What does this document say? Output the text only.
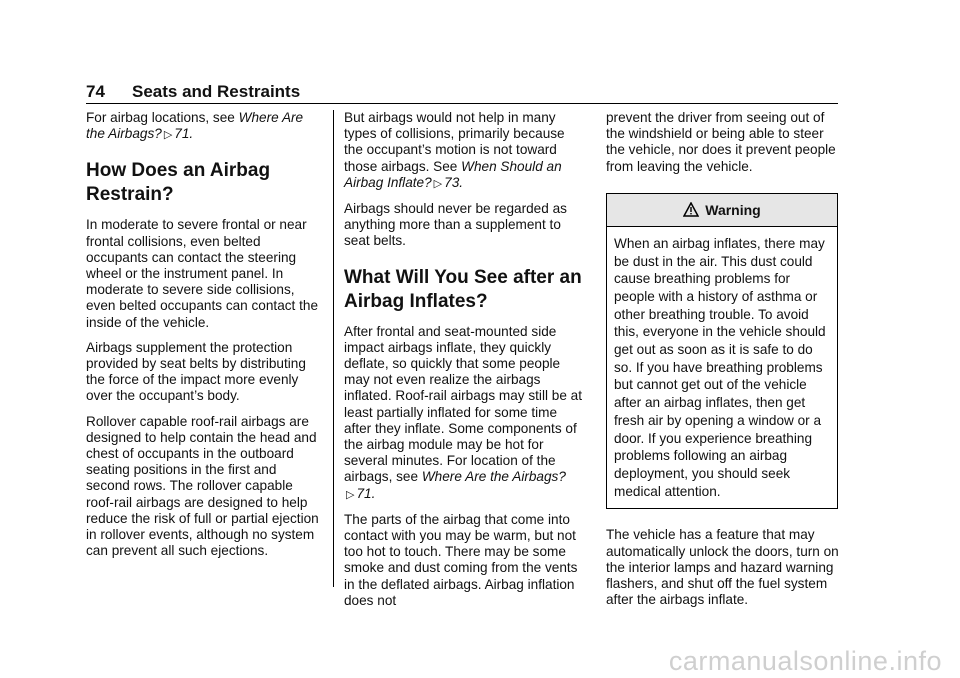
74 Seats and Restraints

For airbag locations, see Where Are the Airbags? ▷ 71.

How Does an Airbag Restrain?

In moderate to severe frontal or near frontal collisions, even belted occupants can contact the steering wheel or the instrument panel. In moderate to severe side collisions, even belted occupants can contact the inside of the vehicle.

Airbags supplement the protection provided by seat belts by distributing the force of the impact more evenly over the occupant’s body.

Rollover capable roof-rail airbags are designed to help contain the head and chest of occupants in the outboard seating positions in the first and second rows. The rollover capable roof-rail airbags are designed to help reduce the risk of full or partial ejection in rollover events, although no system can prevent all such ejections.

But airbags would not help in many types of collisions, primarily because the occupant’s motion is not toward those airbags. See When Should an Airbag Inflate? ▷ 73.

Airbags should never be regarded as anything more than a supplement to seat belts.

What Will You See after an Airbag Inflates?

After frontal and seat-mounted side impact airbags inflate, they quickly deflate, so quickly that some people may not even realize the airbags inflated. Roof-rail airbags may still be at least partially inflated for some time after they inflate. Some components of the airbag module may be hot for several minutes. For location of the airbags, see Where Are the Airbags?▷ 71.

The parts of the airbag that come into contact with you may be warm, but not too hot to touch. There may be some smoke and dust coming from the vents in the deflated airbags. Airbag inflation does not

prevent the driver from seeing out of the windshield or being able to steer the vehicle, nor does it prevent people from leaving the vehicle.

Warning
When an airbag inflates, there may be dust in the air. This dust could cause breathing problems for people with a history of asthma or other breathing trouble. To avoid this, everyone in the vehicle should get out as soon as it is safe to do so. If you have breathing problems but cannot get out of the vehicle after an airbag inflates, then get fresh air by opening a window or a door. If you experience breathing problems following an airbag deployment, you should seek medical attention.

The vehicle has a feature that may automatically unlock the doors, turn on the interior lamps and hazard warning flashers, and shut off the fuel system after the airbags inflate.

carmanualsonline.info
